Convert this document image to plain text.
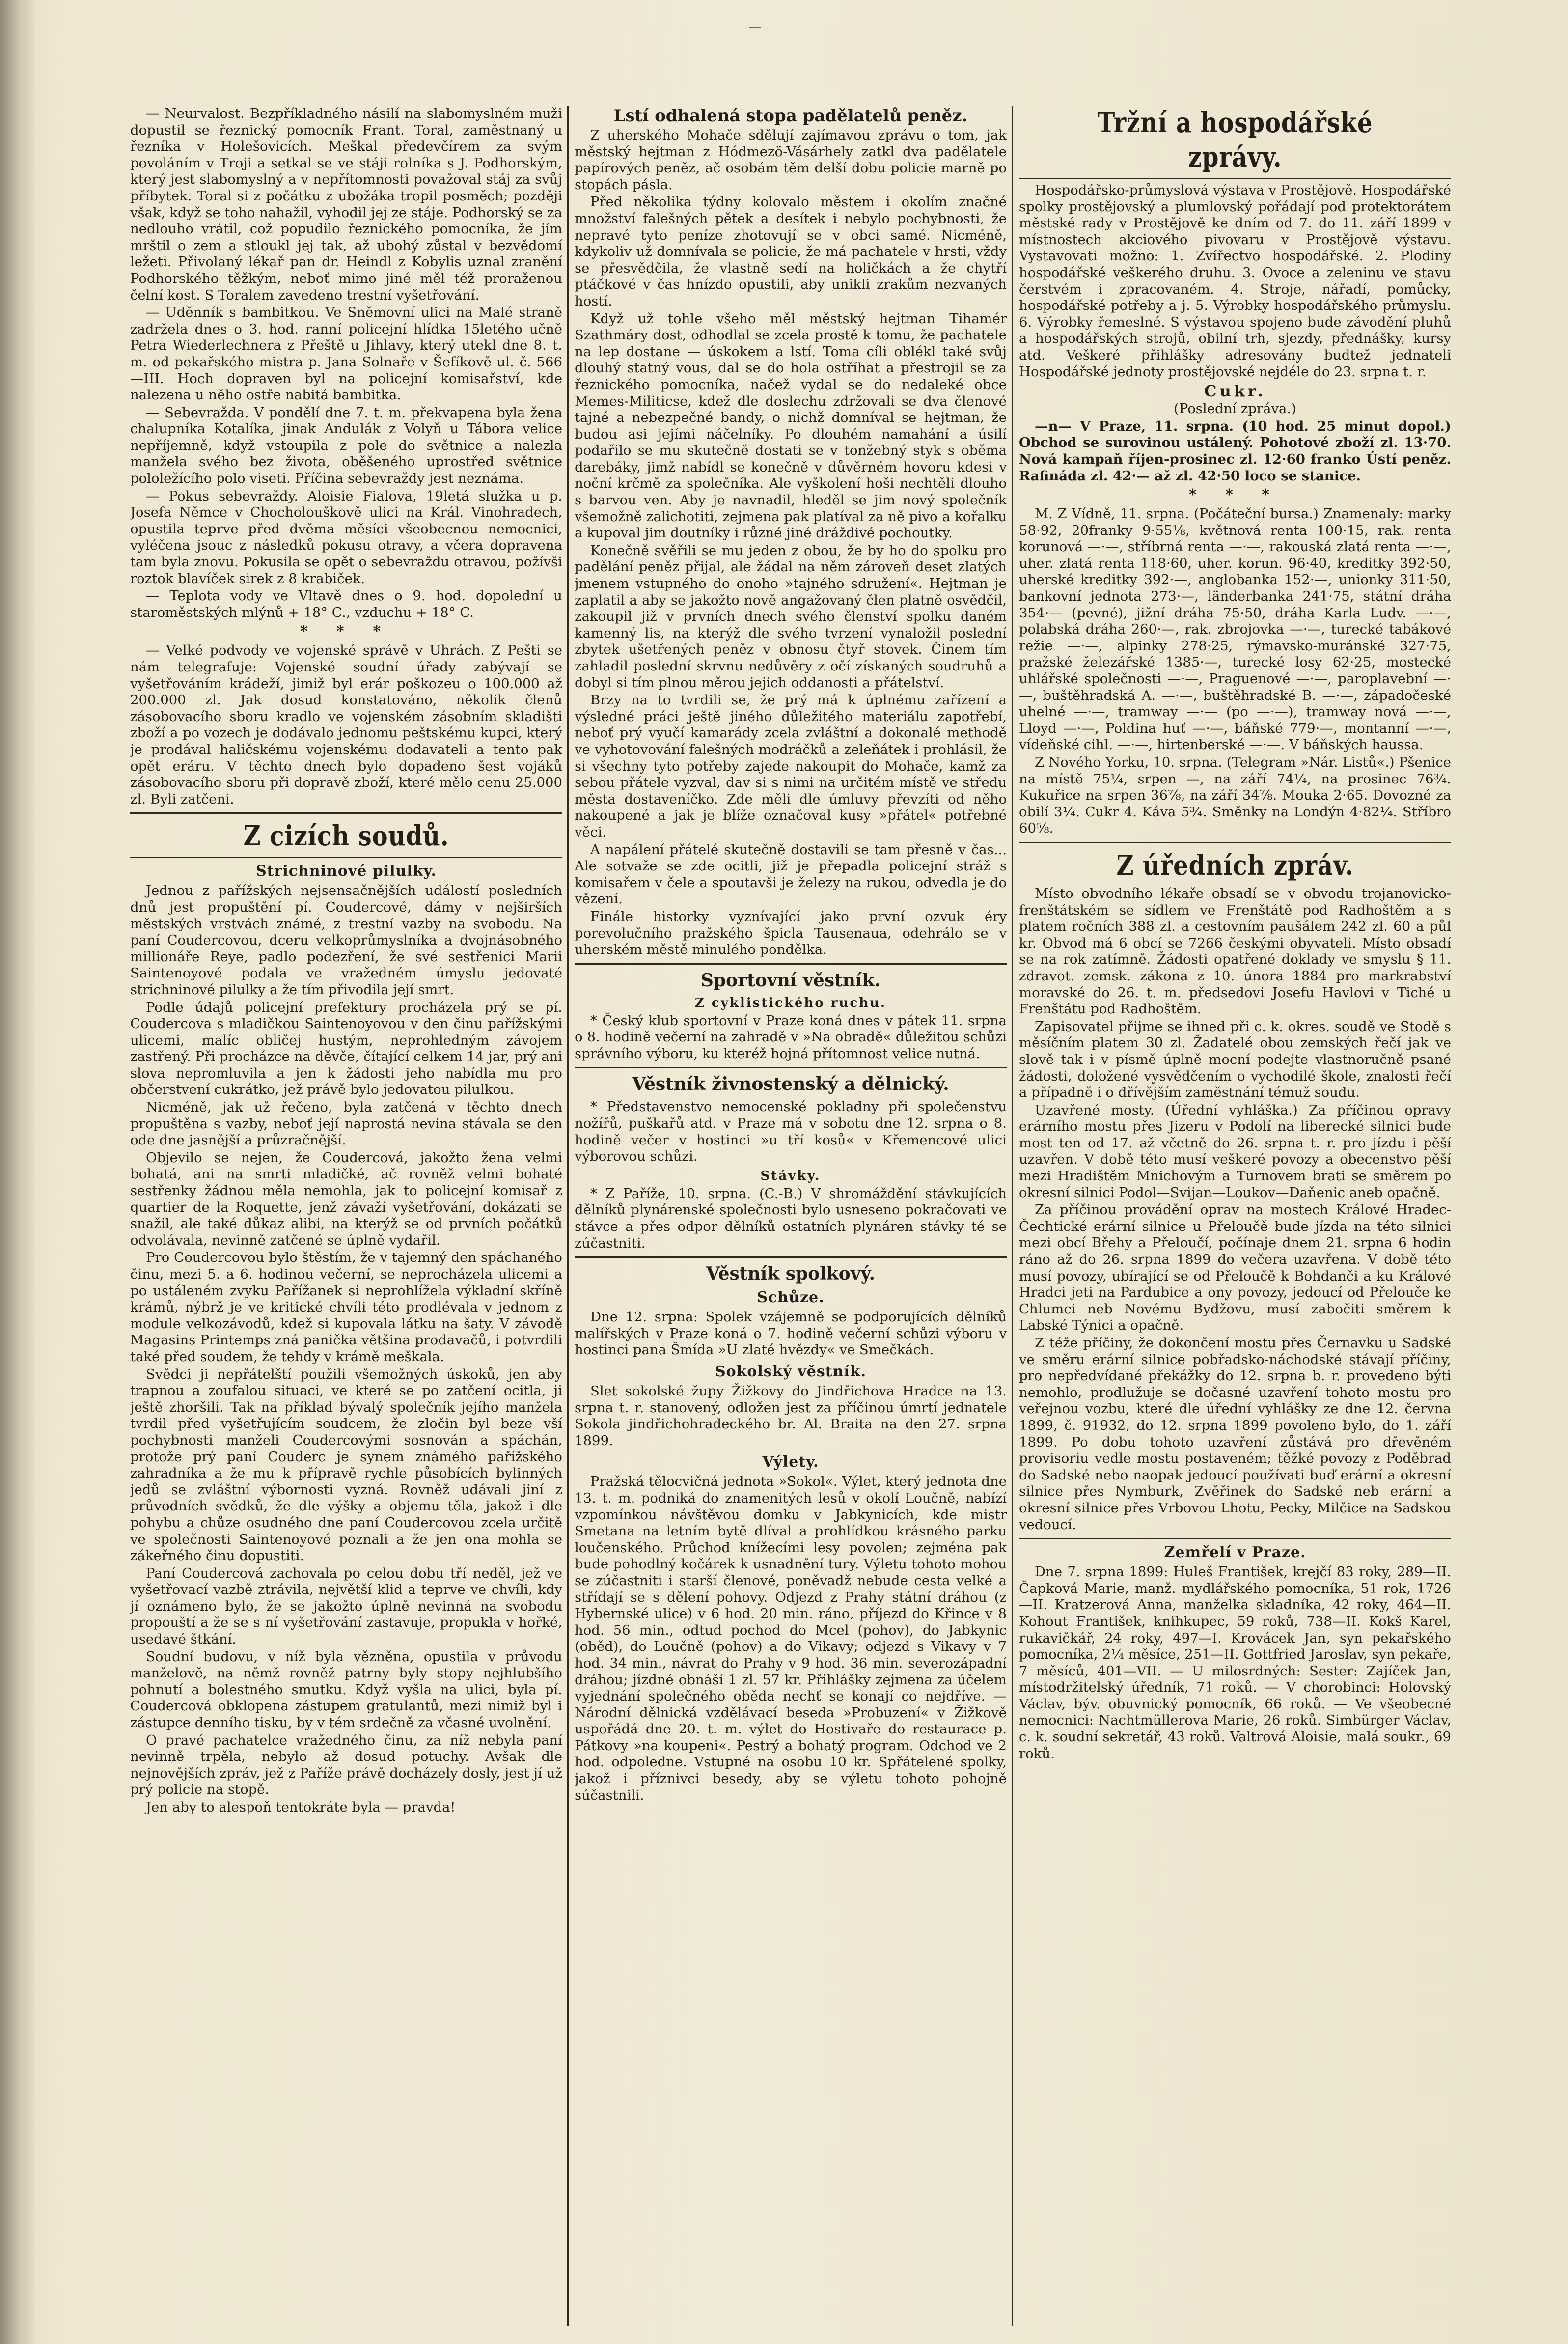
— Neurvalost. Bezpříkladného násilí na slabomyslném muži dopustil se řeznický pomocník Frant. Toral, zaměstnaný u řezníka v Holešovicích. Meškal předevčírem za svým povoláním v Troji a setkal se ve stáji rolníka s J. Podhorským, který jest slabomyslný a v nepřítomnosti považoval stáj za svůj příbytek. Toral si z počátku z ubožáka tropil posměch; později však, když se toho nahažil, vyhodil jej ze stáje. Podhorský se za nedlouho vrátil, což popudilo řeznického pomocníka, že jím mrštil o zem a stloukl jej tak, až ubohý zůstal v bezvědomí ležeti. Přivolaný lékař pan dr. Heindl z Kobylis uznal zranění Podhorského těžkým, neboť mimo jiné měl též proraženou čelní kost. S Toralem zavedeno trestní vyšetřování.

— Uděnník s bambitkou. Ve Sněmovní ulici na Malé straně zadržela dnes o 3. hod. ranní policejní hlídka 15letého učně Petra Wiederlechnera z Přeště u Jihlavy, který utekl dne 8. t. m. od pekařského mistra p. Jana Solnaře v Šefíkově ul. č. 566—III. Hoch dopraven byl na policejní komisařství, kde nalezena u něho ostře nabitá bambitka.

— Sebevražda. V pondělí dne 7. t. m. překvapena byla žena chalupníka Kotalíka, jinak Andulák z Volyň u Tábora velice nepříjemně, když vstoupila z pole do světnice a nalezla manžela svého bez života, oběšeného uprostřed světnice pololežícího polo viseti. Příčina sebevraždy jest neznáma.

— Pokus sebevraždy. Aloisie Fialova, 19letá služka u p. Josefa Němce v Chocholouškově ulici na Král. Vinohradech, opustila teprve před dvěma měsíci všeobecnou nemocnici, vyléčena jsouc z následků pokusu otravy, a včera dopravena tam byla znovu. Pokusila se opět o sebevraždu otravou, požívši roztok blavíček sirek z 8 krabiček.

— Teplota vody ve Vltavě dnes o 9. hod. dopolední u staroměstských mlýnů + 18° C., vzduchu + 18° C.

* * *

— Velké podvody ve vojenské správě v Uhrách. Z Pešti se nám telegrafuje: Vojenské soudní úřady zabývají se vyšetřováním krádeží, jimiž byl erár poškozeu o 100.000 až 200.000 zl. Jak dosud konstatováno, několik členů zásobovacího sboru kradlo ve vojenském zásobním skladišti zboží a po vozech je dodávalo jednomu peštskému kupci, který je prodával haličskému vojenskému dodavateli a tento pak opět eráru. V těchto dnech bylo dopadeno šest vojáků zásobovacího sboru při dopravě zboží, které mělo cenu 25.000 zl. Byli zatčeni.

Z cizích soudů.
Strichninové pilulky.

Jednou z pařížských nejsensačnějších událostí posledních dnů jest propuštění pí. Coudercové, dámy v nejširších městských vrstvách známé, z trestní vazby na svobodu. Na paní Coudercovou, dceru velkoprůmyslníka a dvojnásobného millionáře Reye, padlo podezření, že své sestřenici Marii Saintenoyové podala ve vražedném úmyslu jedovaté strichninové pilulky a že tím přivodila její smrt.

Podle údajů policejní prefektury procházela prý se pí. Coudercova s mladičkou Saintenoyovou v den činu pařížskými ulicemi, malíc obličej hustým, neprohledným závojem zastřený. Při procházce na děvče, čítající celkem 14 jar, prý ani slova nepromluvila a jen k žádosti jeho nabídla mu pro občerstvení cukrátko, jež právě bylo jedovatou pilulkou.

Nicméně, jak už řečeno, byla zatčená v těchto dnech propuštěna s vazby, neboť její naprostá nevina stávala se den ode dne jasnější a průzračnější.

Objevilo se nejen, že Coudercová, jakožto žena velmi bohatá, ani na smrti mladičké, ač rovněž velmi bohaté sestřenky žádnou měla nemohla, jak to policejní komisař z quartier de la Roquette, jenž závaží vyšetřování, dokázati se snažil, ale také důkaz alibi, na kterýž se od prvních počátků odvolávala, nevinně zatčené se úplně vydařil.

Pro Coudercovou bylo štěstím, že v tajemný den spáchaného činu, mezi 5. a 6. hodinou večerní, se neprocházela ulicemi a po ustáleném zvyku Pařížanek si neprohlížela výkladní skříně krámů, nýbrž je ve kritické chvíli této prodlévala v jednom z module velkozávodů, kdež si kupovala látku na šaty. V závodě Magasins Printemps zná panička většina prodavačů, i potvrdili také před soudem, že tehdy v krámě meškala.

Svědci ji nepřátelští použili všemožných úskoků, jen aby trapnou a zoufalou situaci, ve které se po zatčení ocitla, ji ještě zhoršili. Tak na příklad bývalý společník jejího manžela tvrdil před vyšetřujícím soudcem, že zločin byl beze vší pochybnosti manželi Coudercovými sosnován a spáchán, protože prý paní Couderc je synem známého pařížského zahradníka a že mu k přípravě rychle působících bylinných jedů se zvláštní výbornosti vyzná. Rovněž udávali jiní z průvodních svědků, že dle výšky a objemu těla, jakož i dle pohybu a chůze osudného dne paní Coudercovou zcela určitě ve společnosti Saintenoyové poznali a že jen ona mohla se zákeřného činu dopustiti.

Paní Coudercová zachovala po celou dobu tří neděl, jež ve vyšetřovací vazbě ztrávila, největší klid a teprve ve chvíli, kdy jí oznámeno bylo, že se jakožto úplně nevinná na svobodu propouští a že se s ní vyšetřování zastavuje, propukla v hořké, usedavé štkání.

Soudní budovu, v níž byla vězněna, opustila v průvodu manželově, na němž rovněž patrny byly stopy nejhlubšího pohnutí a bolestného smutku. Když vyšla na ulici, byla pí. Coudercová obklopena zástupem gratulantů, mezi nimiž byl i zástupce denního tisku, by v tém srdečně za včasné uvolnění.

O pravé pachatelce vražedného činu, za níž nebyla paní nevinně trpěla, nebylo až dosud potuchy. Avšak dle nejnovějších zpráv, jež z Paříže právě docházely dosly, jest jí už prý policie na stopě.

Jen aby to alespoň tentokráte byla — pravda!

Lstí odhalená stopa padělatelů peněz.

Z uherského Mohače sdělují zajímavou zprávu o tom, jak městský hejtman z Hódmezö-Vásárhely zatkl dva padělatele papírových peněz, ač osobám těm delší dobu policie marně po stopách pásla.

Před několika týdny kolovalo městem i okolím značné množství falešných pětek a desítek i nebylo pochybnosti, že nepravé tyto peníze zhotovují se v obci samé. Nicméně, kdykoliv už domnívala se policie, že má pachatele v hrsti, vždy se přesvědčila, že vlastně sedí na holičkách a že chytří ptáčkové v čas hnízdo opustili, aby unikli zrakům nezvaných hostí.

Když už tohle všeho měl městský hejtman Tihamér Szathmáry dost, odhodlal se zcela prostě k tomu, že pachatele na lep dostane — úskokem a lstí. Toma cíli oblékl také svůj dlouhý statný vous, dal se do hola ostříhat a přestrojil se za řeznického pomocníka, načež vydal se do nedaleké obce Memes-Militicse, kdež dle doslechu zdržovali se dva členové tajné a nebezpečné bandy, o nichž domníval se hejtman, že budou asi jejími náčelníky. Po dlouhém namahání a úsilí podařilo se mu skutečně dostati se v tonžebný styk s oběma darebáky, jimž nabídl se konečně v důvěrném hovoru kdesi v noční krčmě za společníka. Ale vyškolení hoši nechtěli dlouho s barvou ven. Aby je navnadil, hleděl se jim nový společník všemožně zalichotiti, zejmena pak platíval za ně pivo a kořalku a kupoval jim doutníky i různé jiné dráždivé pochoutky.

Konečně svěřili se mu jeden z obou, že by ho do spolku pro padělání peněz přijal, ale žádal na něm zároveň deset zlatých jmenem vstupného do onoho »tajného sdružení«. Hejtman je zaplatil a aby se jakožto nově angažovaný člen platně osvědčil, zakoupil již v prvních dnech svého členství spolku daném kamenný lis, na kterýž dle svého tvrzení vynaložil poslední zbytek ušetřených peněz v obnosu čtyř stovek. Činem tím zahladil poslední skrvnu nedůvěry z očí získaných soudruhů a dobyl si tím plnou měrou jejich oddanosti a přátelství.

Brzy na to tvrdili se, že prý má k úplnému zařízení a výsledné práci ještě jiného důležitého materiálu zapotřebí, neboť prý vyučí kamarády zcela zvláštní a dokonalé methodě ve vyhotovování falešných modráčků a zeleňátek i prohlásil, že si všechny tyto potřeby zajede nakoupit do Mohače, kamž za sebou přátele vyzval, dav si s nimi na určitém místě ve středu města dostaveníčko. Zde měli dle úmluvy převzíti od něho nakoupené a jak je blíže označoval kusy »přátel« potřebné věci.

A napálení přátelé skutečně dostavili se tam přesně v čas... Ale sotvaže se zde ocitli, již je přepadla policejní stráž s komisařem v čele a spoutavši je železy na rukou, odvedla je do vězení.

Finále historky vyznívající jako první ozvuk éry porevolučního pražského špicla Tausenaua, odehrálo se v uherském městě minulého pondělka.

Sportovní věstník.
Z cyklistického ruchu.

* Český klub sportovní v Praze koná dnes v pátek 11. srpna o 8. hodině večerní na zahradě v »Na obradě« důležitou schůzi správního výboru, ku kteréž hojná přítomnost velice nutná.

Věstník živnostenský a dělnický.

* Představenstvo nemocenské pokladny při společenstvu nožířů, puškařů atd. v Praze má v sobotu dne 12. srpna o 8. hodině večer v hostinci »u tří kosů« v Křemencové ulici výborovou schůzi.

Stávky.

* Z Paříže, 10. srpna. (C.-B.) V shromáždění stávkujících dělníků plynárenské společnosti bylo usneseno pokračovati ve stávce a přes odpor dělníků ostatních plynáren stávky té se zúčastniti.

Věstník spolkový.
Schůze.

Dne 12. srpna: Spolek vzájemně se podporujících dělníků malířských v Praze koná o 7. hodině večerní schůzi výboru v hostinci pana Šmída »U zlaté hvězdy« ve Smečkách.

Sokolský věstník.

Slet sokolské župy Žižkovy do Jindřichova Hradce na 13. srpna t. r. stanovený, odložen jest za příčinou úmrtí jednatele Sokola jindřichohradeckého br. Al. Braita na den 27. srpna 1899.

Výlety.

Pražská tělocvičná jednota »Sokol«. Výlet, který jednota dne 13. t. m. podniká do znamenitých lesů v okolí Loučně, nabízí vzpomínkou návštěvou domku v Jabkynicích, kde mistr Smetana na letním bytě dlíval a prohlídkou krásného parku loučenského. Průchod knížecími lesy povolen; zejména pak bude pohodlný kočárek k usnadnění tury. Výletu tohoto mohou se zúčastniti i starší členové, poněvadž nebude cesta velké a střídají se s dělení pohovy. Odjezd z Prahy státní dráhou (z Hybernské ulice) v 6 hod. 20 min. ráno, příjezd do Křince v 8 hod. 56 min., odtud pochod do Mcel (pohov), do Jabkynic (oběd), do Loučně (pohov) a do Vikavy; odjezd s Vikavy v 7 hod. 34 min., návrat do Prahy v 9 hod. 36 min. severozápadní dráhou; jízdné obnáší 1 zl. 57 kr. Přihlášky zejmena za účelem vyjednání společného oběda nechť se konají co nejdříve. — Národní dělnická vzdělávací beseda »Probuzení« v Žižkově uspořádá dne 20. t. m. výlet do Hostivaře do restaurace p. Pátkovy »na koupeni«. Pestrý a bohatý program. Odchod ve 2 hod. odpoledne. Vstupné na osobu 10 kr. Spřátelené spolky, jakož i příznivci besedy, aby se výletu tohoto pohojně súčastnili.

Tržní a hospodářské zprávy.

Hospodářsko-průmyslová výstava v Prostějově. Hospodářské spolky prostějovský a plumlovský pořádají pod protektorátem městské rady v Prostějově ke dním od 7. do 11. září 1899 v místnostech akciového pivovaru v Prostějově výstavu. Vystavovati možno: 1. Zvířectvo hospodářské. 2. Plodiny hospodářské veškerého druhu. 3. Ovoce a zeleninu ve stavu čerstvém i zpracovaném. 4. Stroje, nářadí, pomůcky, hospodářské potřeby a j. 5. Výrobky hospodářského průmyslu. 6. Výrobky řemeslné. S výstavou spojeno bude závodění pluhů a hospodářských strojů, obilní trh, sjezdy, přednášky, kursy atd. Veškeré přihlášky adresovány budtež jednateli Hospodářské jednoty prostějovské nejdéle do 23. srpna t. r.

Cukr.

(Poslední zpráva.)

—n— V Praze, 11. srpna. (10 hod. 25 minut dopol.) Obchod se surovinou ustálený. Pohotové zboží zl. 13·70. Nová kampaň říjen-prosinec zl. 12·60 franko Ústí peněz. Rafináda zl. 42·— až zl. 42·50 loco se stanice.

* * *

M. Z Vídně, 11. srpna. (Počáteční bursa.) Znamenaly: marky 58·92, 20franky 9·55⅛, květnová renta 100·15, rak. renta korunová —·—, stříbrná renta —·—, rakouská zlatá renta —·—, uher. zlatá renta 118·60, uher. korun. 96·40, kreditky 392·50, uherské kreditky 392·—, anglobanka 152·—, unionky 311·50, bankovní jednota 273·—, länderbanka 241·75, státní dráha 354·— (pevné), jižní dráha 75·50, dráha Karla Ludv. —·—, polabská dráha 260·—, rak. zbrojovka —·—, turecké tabákové režie —·—, alpinky 278·25, rýmavsko-muránské 327·75, pražské železářské 1385·—, turecké losy 62·25, mostecké uhlářské společnosti —·—, Praguenové —·—, paroplavební —·—, buštěhradská A. —·—, buštěhradské B. —·—, západočeské uhelné —·—, tramway —·— (po —·—), tramway nová —·—, Lloyd —·—, Poldina huť —·—, báňské 779·—, montanní —·—, vídeňské cihl. —·—, hirtenberské —·—. V báňských haussa.

Z Nového Yorku, 10. srpna. (Telegram »Nár. Listů«.) Pšenice na místě 75¼, srpen —, na září 74¼, na prosinec 76¾. Kukuřice na srpen 36⅞, na září 34⅞. Mouka 2·65. Dovozné za obilí 3¼. Cukr 4. Káva 5¾. Směnky na Londýn 4·82¼. Stříbro 60⅝.

Z úředních zpráv.

Místo obvodního lékaře obsadí se v obvodu trojanovicko-frenštátském se sídlem ve Frenštátě pod Radhoštěm a s platem ročních 388 zl. a cestovním paušálem 242 zl. 60 a půl kr. Obvod má 6 obcí se 7266 českými obyvateli. Místo obsadí se na rok zatímně. Žádosti opatřené doklady ve smyslu § 11. zdravot. zemsk. zákona z 10. února 1884 pro markrabství moravské do 26. t. m. předsedovi Josefu Havlovi v Tiché u Frenštátu pod Radhoštěm.

Zapisovatel přijme se ihned při c. k. okres. soudě ve Stodě s měsíčním platem 30 zl. Žadatelé obou zemských řečí jak ve slově tak i v písmě úplně mocní podejte vlastnoručně psané žádosti, doložené vysvědčením o vychodilé škole, znalosti řečí a případně i o dřívějším zaměstnání témuž soudu.

Uzavřené mosty. (Úřední vyhláška.) Za příčinou opravy erárního mostu přes Jizeru v Podolí na liberecké silnici bude most ten od 17. až včetně do 26. srpna t. r. pro jízdu i pěší uzavřen. V době této musí veškeré povozy a obecenstvo pěší mezi Hradištěm Mnichovým a Turnovem brati se směrem po okresní silnici Podol—Svijan—Loukov—Daňenic aneb opačně.

Za příčinou provádění oprav na mostech Králové Hradec-Čechtické erární silnice u Přeloučě bude jízda na této silnici mezi obcí Břehy a Přeloučí, počínaje dnem 21. srpna 6 hodin ráno až do 26. srpna 1899 do večera uzavřena. V době této musí povozy, ubírající se od Přeloučě k Bohdanči a ku Králové Hradci jeti na Pardubice a ony povozy, jedoucí od Přelouče ke Chlumci neb Novému Bydžovu, musí zabočiti směrem k Labské Týnici a opačně.

Z téže příčiny, že dokončení mostu přes Černavku u Sadské ve směru erární silnice pobřadsko-náchodské stávají příčiny, pro nepředvídané překážky do 12. srpna b. r. provedeno býti nemohlo, prodlužuje se dočasné uzavření tohoto mostu pro veřejnou vozbu, které dle úřední vyhlášky ze dne 12. června 1899, č. 91932, do 12. srpna 1899 povoleno bylo, do 1. září 1899. Po dobu tohoto uzavření zůstává pro dřevěném provisoriu vedle mostu postaveném; těžké povozy z Poděbrad do Sadské nebo naopak jedoucí používati buď erární a okresní silnice přes Nymburk, Zvěřinek do Sadské neb erární a okresní silnice přes Vrbovou Lhotu, Pecky, Milčice na Sadskou vedoucí.

Zemřelí v Praze.

Dne 7. srpna 1899: Huleš František, krejčí 83 roky, 289—II. Čapková Marie, manž. mydlářského pomocníka, 51 rok, 1726—II. Kratzerová Anna, manželka skladníka, 42 roky, 464—II. Kohout František, knihkupec, 59 roků, 738—II. Kokš Karel, rukavičkář, 24 roky, 497—I. Krovácek Jan, syn pekařského pomocníka, 2¼ měsíce, 251—II. Gottfried Jaroslav, syn pekaře, 7 měsíců, 401—VII. — U milosrdných: Sester: Zajíček Jan, místodržitelský úředník, 71 roků. — V chorobinci: Holovský Václav, býv. obuvnický pomocník, 66 roků. — Ve všeobecné nemocnici: Nachtmüllerova Marie, 26 roků. Simbürger Václav, c. k. soudní sekretář, 43 roků. Valtrová Aloisie, malá soukr., 69 roků.
